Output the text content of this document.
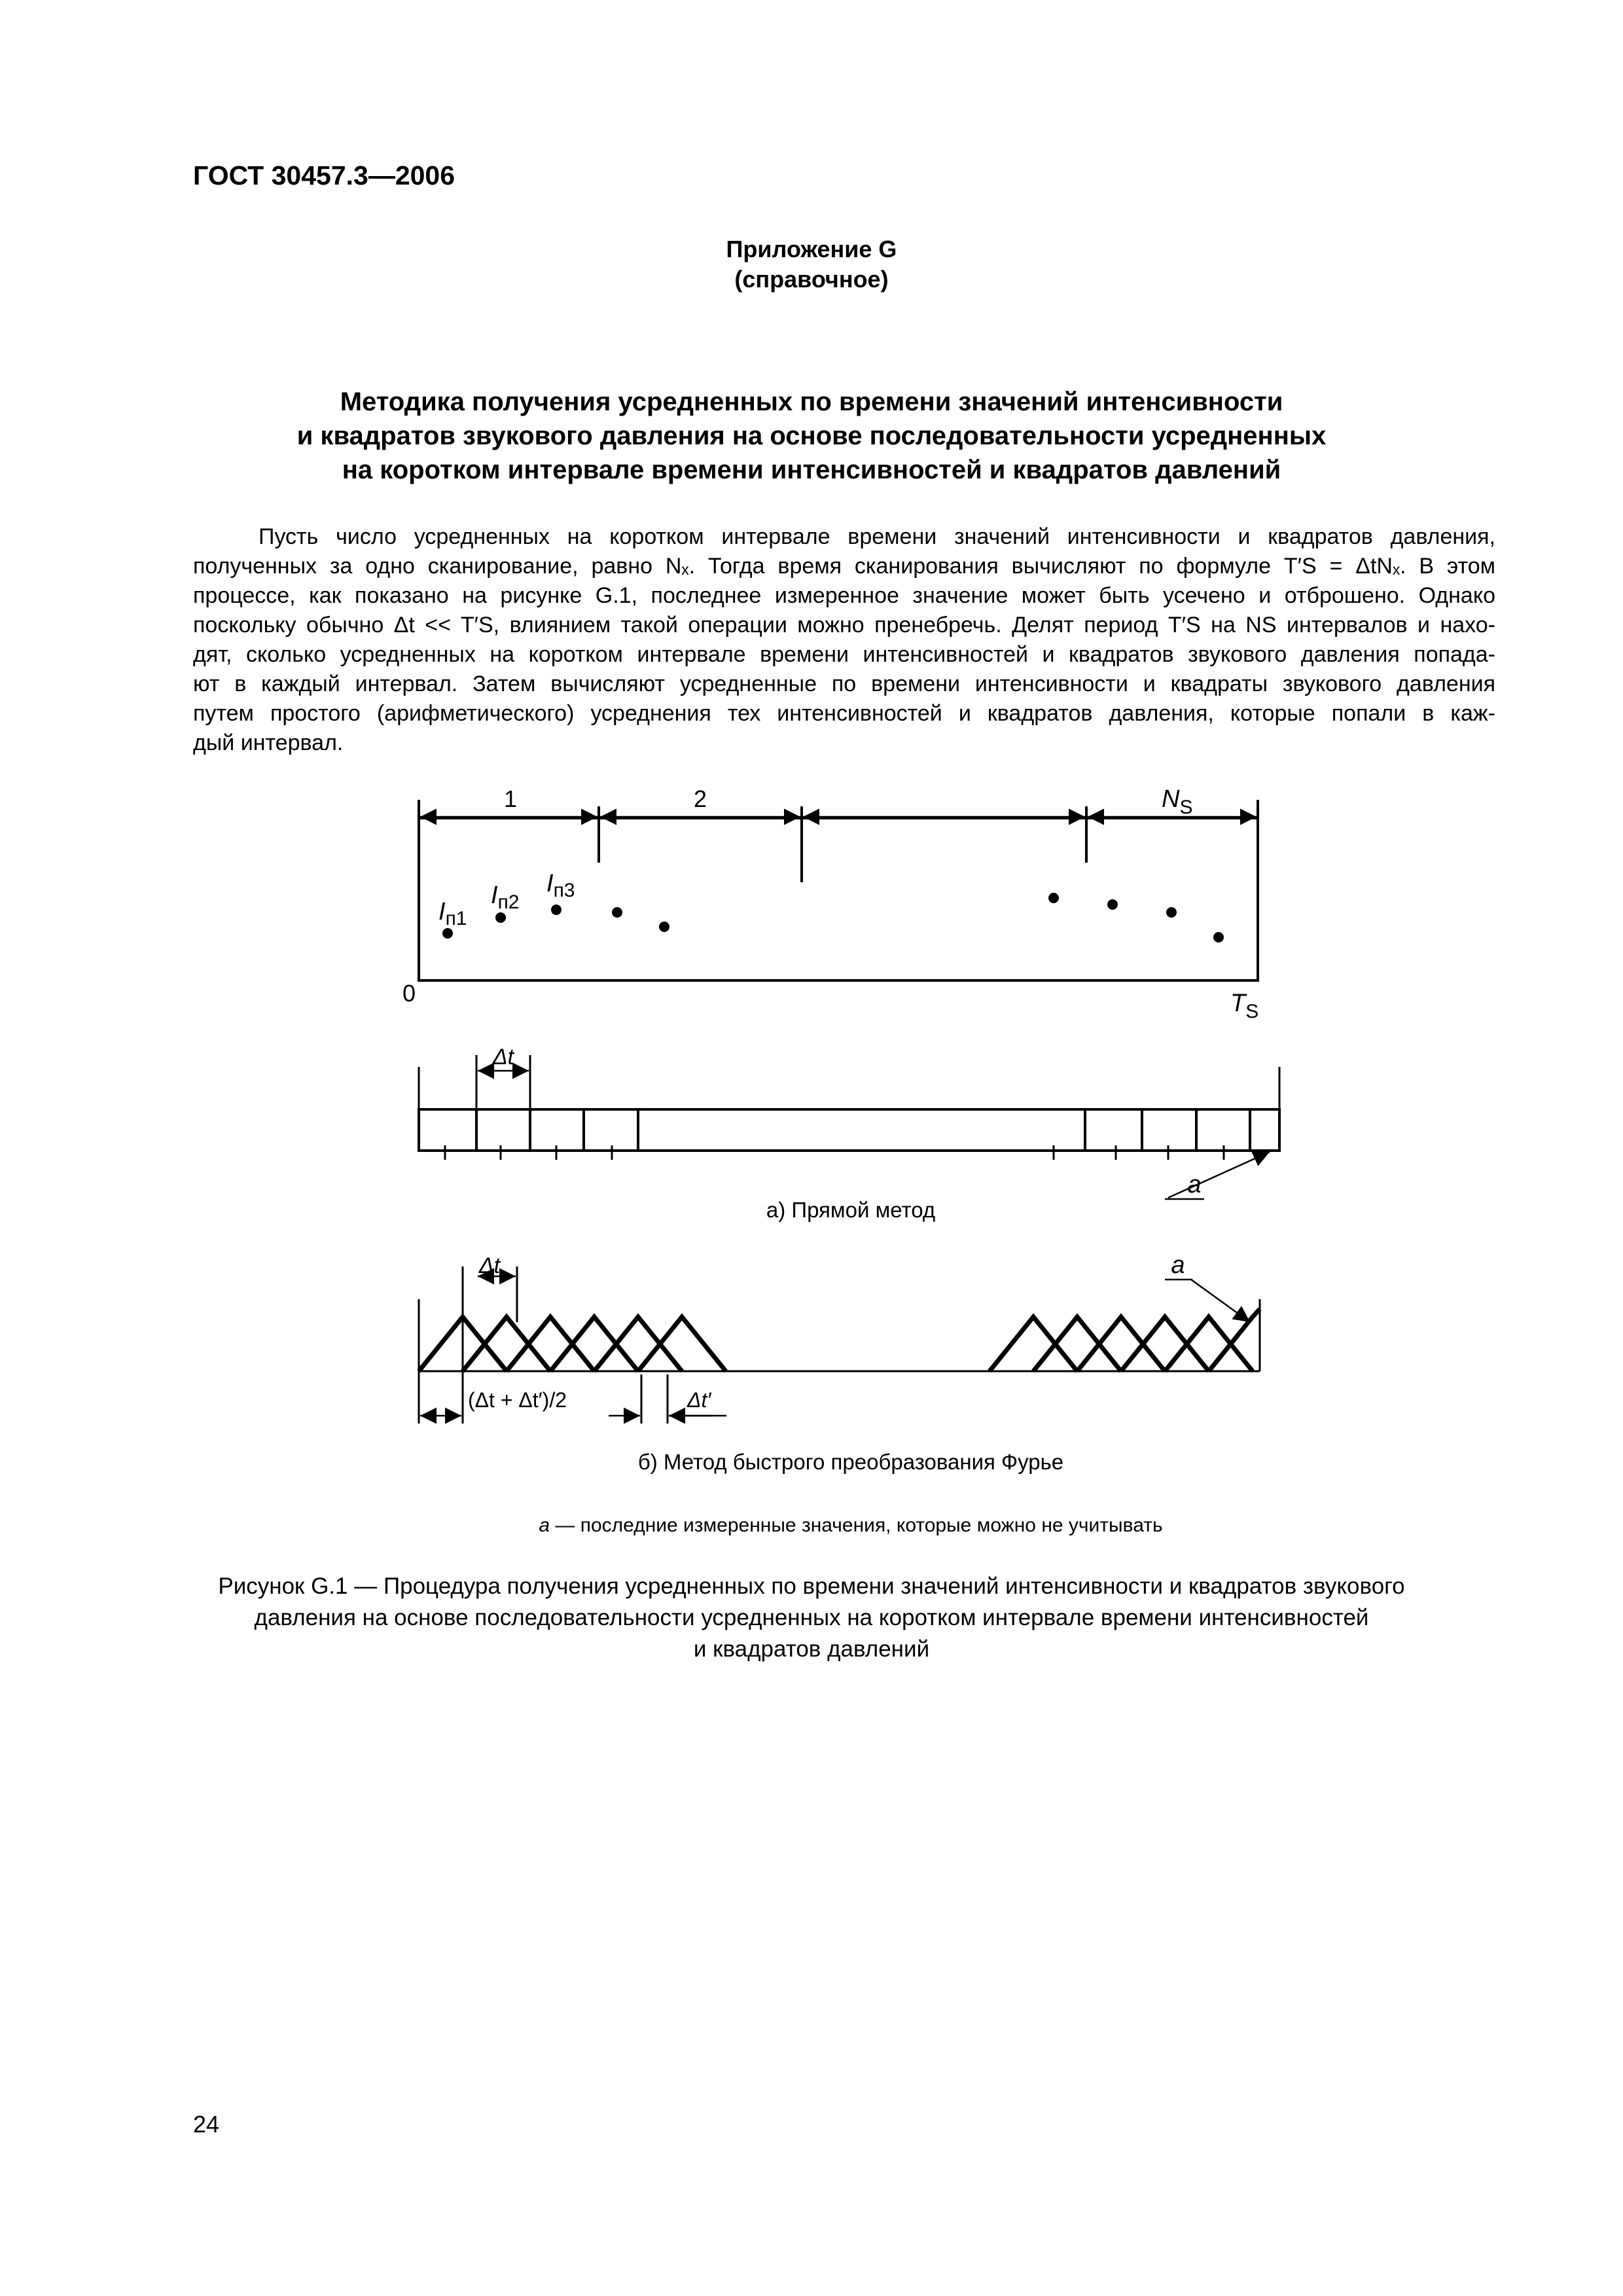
ГОСТ 30457.3—2006
Приложение G
(справочное)
Методика получения усредненных по времени значений интенсивности
и квадратов звукового давления на основе последовательности усредненных
на коротком интервале времени интенсивностей и квадратов давлений
Пусть число усредненных на коротком интервале времени значений интенсивности и квадратов давления,
полученных за одно сканирование, равно Nₓ. Тогда время сканирования вычисляют по формуле T′S = ΔtNₓ. В этом
процессе, как показано на рисунке G.1, последнее измеренное значение может быть усечено и отброшено. Однако
поскольку обычно Δt << T′S, влиянием такой операции можно пренебречь. Делят период T′S на NS интервалов и нахо-
дят, сколько усредненных на коротком интервале времени интенсивностей и квадратов звукового давления попада-
ют в каждый интервал. Затем вычисляют усредненные по времени интенсивности и квадраты звукового давления
путем простого (арифметического) усреднения тех интенсивностей и квадратов давления, которые попали в каж-
дый интервал.
1	2	$N_S$
$I_{п1}$
$I_{п2}$
$I_{п3}$
0	$T_S$
Δt
a
а) Прямой метод
Δt	a
(Δt + Δt′)/2	Δt′
б) Метод быстрого преобразования Фурье
а — последние измеренные значения, которые можно не учитывать
Рисунок G.1 — Процедура получения усредненных по времени значений интенсивности и квадратов звукового
давления на основе последовательности усредненных на коротком интервале времени интенсивностей
и квадратов давлений
24
